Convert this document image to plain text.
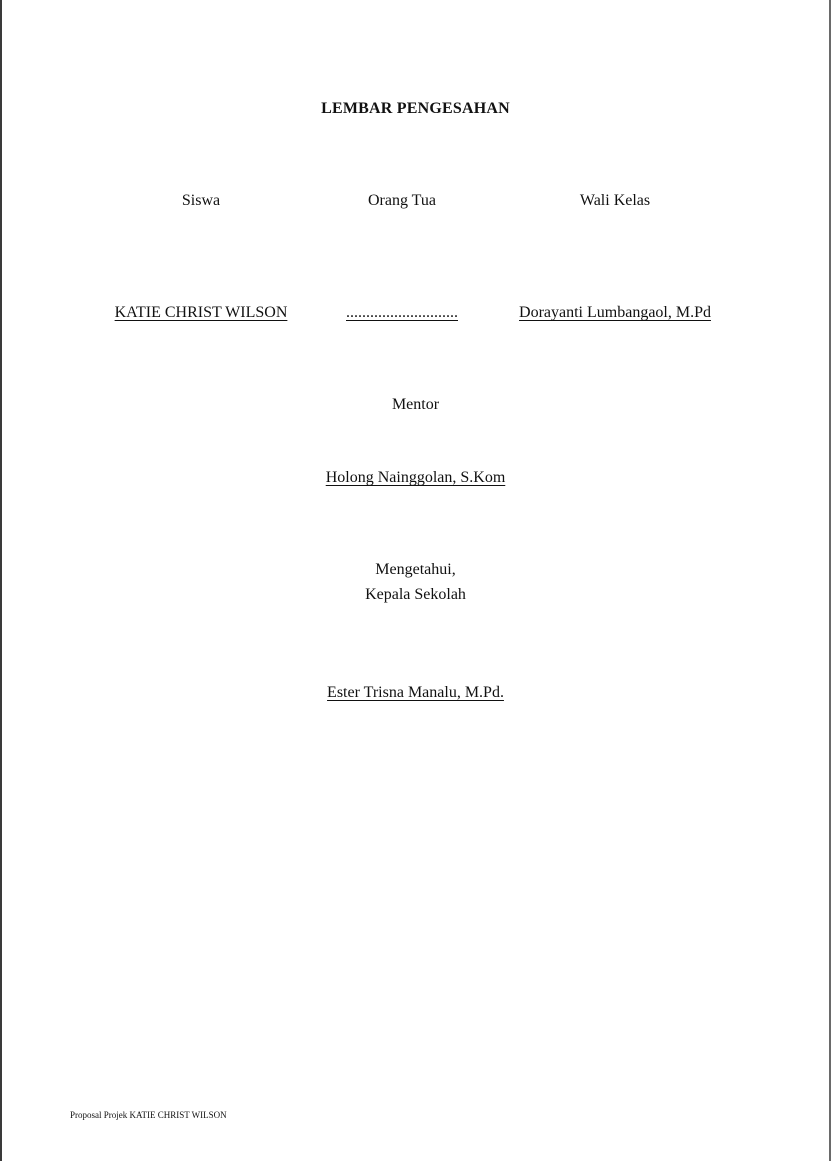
LEMBAR PENGESAHAN
Siswa	Orang Tua	Wali Kelas
KATIE CHRIST WILSON	............................	Dorayanti Lumbangaol, M.Pd
Mentor
Holong Nainggolan, S.Kom
Mengetahui,
Kepala Sekolah
Ester Trisna Manalu, M.Pd.
Proposal Projek KATIE CHRIST WILSON
